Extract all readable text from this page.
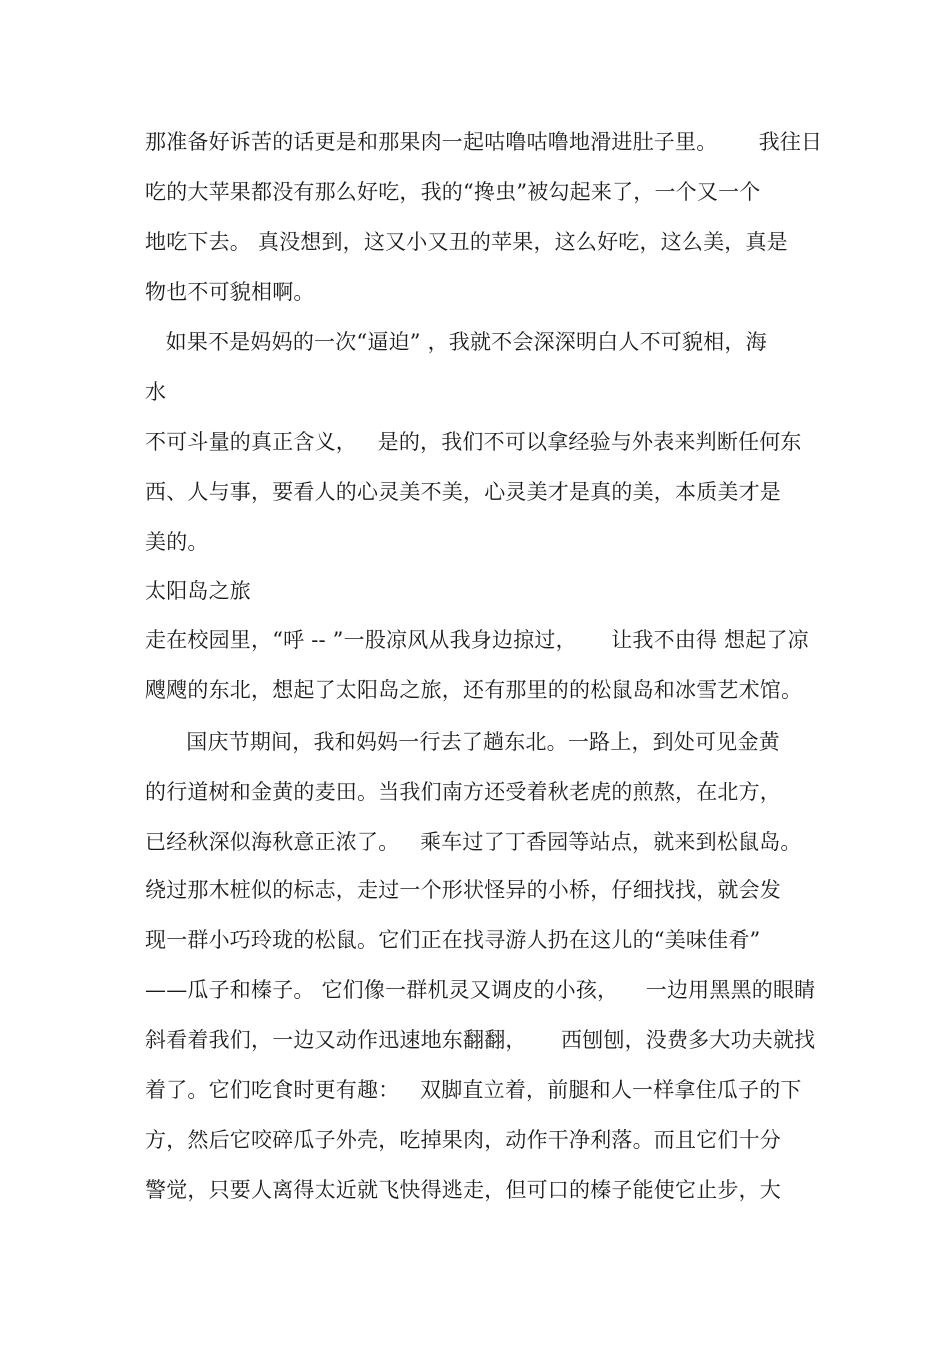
那准备好诉苦的话更是和那果肉一起咕噜咕噜地滑进肚子里。      我往日
吃的大苹果都没有那么好吃，我的“搀虫”被勾起来了，一个又一个
地吃下去。 真没想到，这又小又丑的苹果，这么好吃，这么美，真是
物也不可貌相啊。
如果不是妈妈的一次“逼迫” ，我就不会深深明白人不可貌相，海
水
不可斗量的真正含义，   是的，我们不可以拿经验与外表来判断任何东
西、人与事，要看人的心灵美不美，心灵美才是真的美，本质美才是
美的。
太阳岛之旅
走在校园里，“呼 -- ”一股凉风从我身边掠过，     让我不由得 想起了凉
飕飕的东北，想起了太阳岛之旅，还有那里的的松鼠岛和冰雪艺术馆。
国庆节期间，我和妈妈一行去了趟东北。一路上，到处可见金黄
的行道树和金黄的麦田。当我们南方还受着秋老虎的煎熬，在北方，
已经秋深似海秋意正浓了。   乘车过了丁香园等站点，就来到松鼠岛。
绕过那木桩似的标志，走过一个形状怪异的小桥，仔细找找，就会发
现一群小巧玲珑的松鼠。它们正在找寻游人扔在这儿的“美味佳肴”
——瓜子和榛子。 它们像一群机灵又调皮的小孩，    一边用黑黑的眼睛
斜看着我们，一边又动作迅速地东翻翻，     西刨刨，没费多大功夫就找
着了。它们吃食时更有趣：   双脚直立着，前腿和人一样拿住瓜子的下
方，然后它咬碎瓜子外壳，吃掉果肉，动作干净利落。而且它们十分
警觉，只要人离得太近就飞快得逃走，但可口的榛子能使它止步，大
